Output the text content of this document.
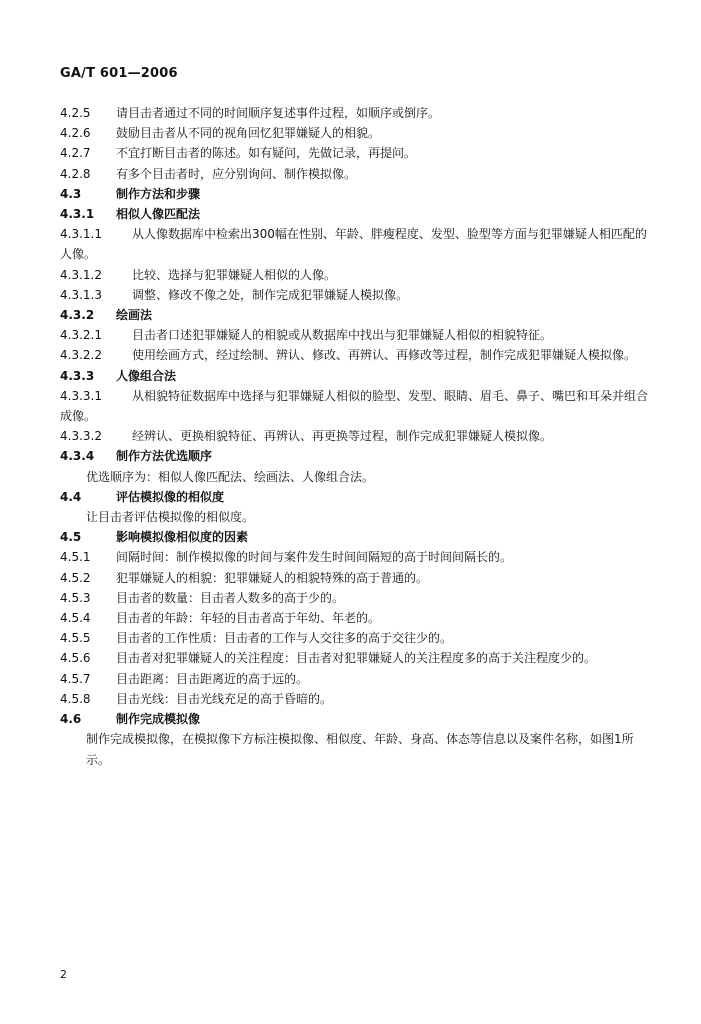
GA/T 601—2006
4.2.5 请目击者通过不同的时间顺序复述事件过程，如顺序或倒序。
4.2.6 鼓励目击者从不同的视角回忆犯罪嫌疑人的相貌。
4.2.7 不宜打断目击者的陈述。如有疑问，先做记录，再提问。
4.2.8 有多个目击者时，应分别询问、制作模拟像。
4.3	制作方法和步骤
4.3.1 相似人像匹配法
4.3.1.1	从人像数据库中检索出300幅在性别、年龄、胖瘦程度、发型、脸型等方面与犯罪嫌疑人相匹配的人像。
4.3.1.2	比较、选择与犯罪嫌疑人相似的人像。
4.3.1.3	调整、修改不像之处，制作完成犯罪嫌疑人模拟像。
4.3.2 绘画法
4.3.2.1	目击者口述犯罪嫌疑人的相貌或从数据库中找出与犯罪嫌疑人相似的相貌特征。
4.3.2.2	使用绘画方式，经过绘制、辨认、修改、再辨认、再修改等过程，制作完成犯罪嫌疑人模拟像。
4.3.3 人像组合法
4.3.3.1	从相貌特征数据库中选择与犯罪嫌疑人相似的脸型、发型、眼睛、眉毛、鼻子、嘴巴和耳朵并组合成像。
4.3.3.2	经辨认、更换相貌特征、再辨认、再更换等过程，制作完成犯罪嫌疑人模拟像。
4.3.4 制作方法优选顺序
优选顺序为：相似人像匹配法、绘画法、人像组合法。
4.4	评估模拟像的相似度
让目击者评估模拟像的相似度。
4.5	影响模拟像相似度的因素
4.5.1 间隔时间：制作模拟像的时间与案件发生时间间隔短的高于时间间隔长的。
4.5.2 犯罪嫌疑人的相貌：犯罪嫌疑人的相貌特殊的高于普通的。
4.5.3 目击者的数量：目击者人数多的高于少的。
4.5.4 目击者的年龄：年轻的目击者高于年幼、年老的。
4.5.5 目击者的工作性质：目击者的工作与人交往多的高于交往少的。
4.5.6 目击者对犯罪嫌疑人的关注程度：目击者对犯罪嫌疑人的关注程度多的高于关注程度少的。
4.5.7 目击距离：目击距离近的高于远的。
4.5.8 目击光线：目击光线充足的高于昏暗的。
4.6	制作完成模拟像
制作完成模拟像，在模拟像下方标注模拟像、相似度、年龄、身高、体态等信息以及案件名称，如图1所示。
2
